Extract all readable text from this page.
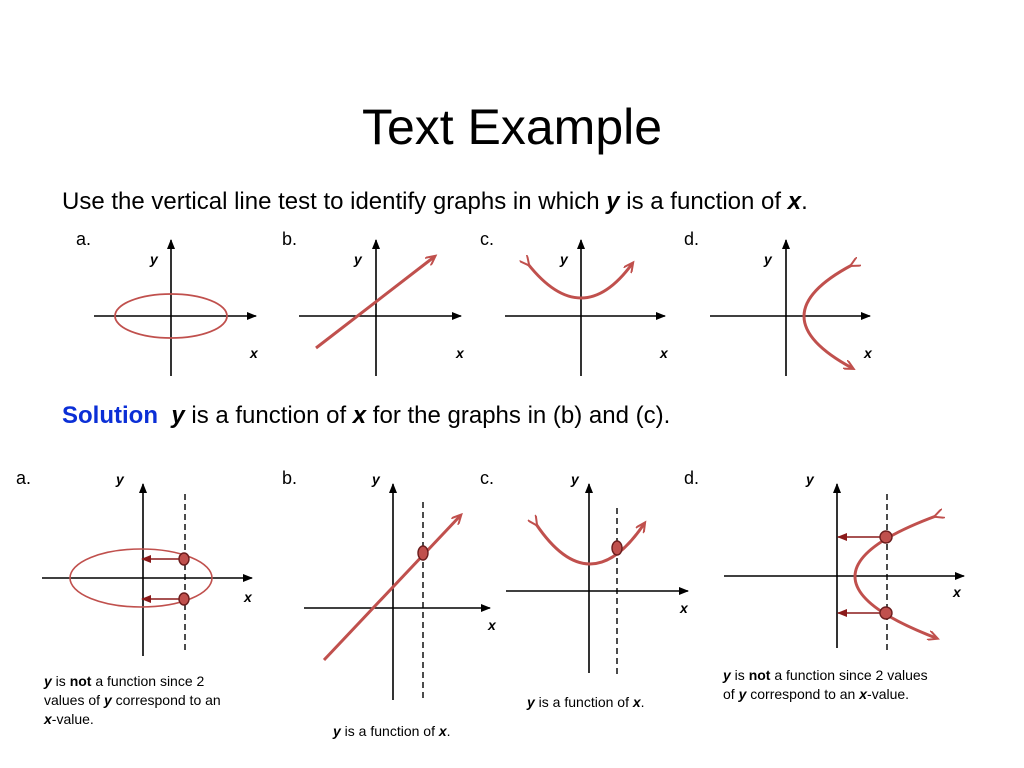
Text Example
Use the vertical line test to identify graphs in which y is a function of x.
a.	b.	c.	d.
Solution y is a function of x for the graphs in (b) and (c).
a.	b.	c.	d.
y
x
y
x
y
x
y
x
y
x
y
x
y
x
y
x
y is not a function since 2
values of y correspond to an
x-value.
y is a function of x.
y is a function of x.
y is not a function since 2 values
of y correspond to an x-value.
